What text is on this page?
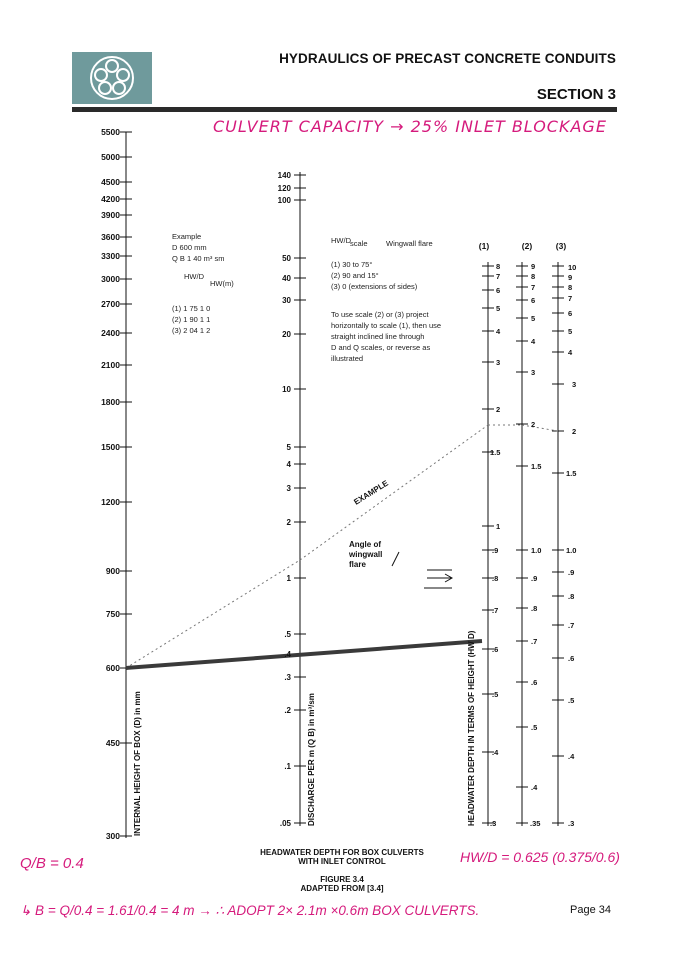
HYDRAULICS OF PRECAST CONCRETE CONDUITS
SECTION 3
CULVERT CAPACITY → 25% INLET BLOCKAGE
5500
5000
4500
4200
3900
3600
3300
3000
2700
2400
2100
1800
1500
1200
900
750
600
450
300
140
120
100
50
40
30
20
10
5
4
3
2
1
.5
.4
.3
.2
.1
.05
(1)	(2)	(3)
8
7
6
5
4
3
2
1.5
1
.9
.8
.7
.6
.5
.4
.3
9
8
7
6
5
4
3
2
1.5
1.0
.9
.8
.7
.6
.5
.4
.35
10
9
8
7
6
5
4
3
2
1.5
1.0
.9
.8
.7
.6
.5
.4
.3
INTERNAL HEIGHT OF BOX (D) in mm	DISCHARGE PER m (Q B) in m³/sm	HEADWATER DEPTH IN TERMS OF HEIGHT (HW D)
Example
D 600 mm
Q B 1 40 m³ sm
HW/D
HW(m)
(1) 1 75 1 0
(2) 1 90 1 1
(3) 2 04 1 2
HW/D scale Wingwall flare
(1) 30 to 75°
(2) 90 and 15°
(3) 0 (extensions of sides)
To use scale (2) or (3) project
horizontally to scale (1), then use
straight inclined line through
D and Q scales, or reverse as
illustrated
EXAMPLE
Angle of
wingwall
flare
HEADWATER DEPTH FOR BOX CULVERTS
WITH INLET CONTROL
FIGURE 3.4
ADAPTED FROM [3.4]
Q/B = 0.4
↳ B = Q/0.4 = 1.61/0.4 = 4 m → ∴ ADOPT 2× 2.1m ×0.6m BOX CULVERTS.
HW/D = 0.625 (0.375/0.6)
Page 34
